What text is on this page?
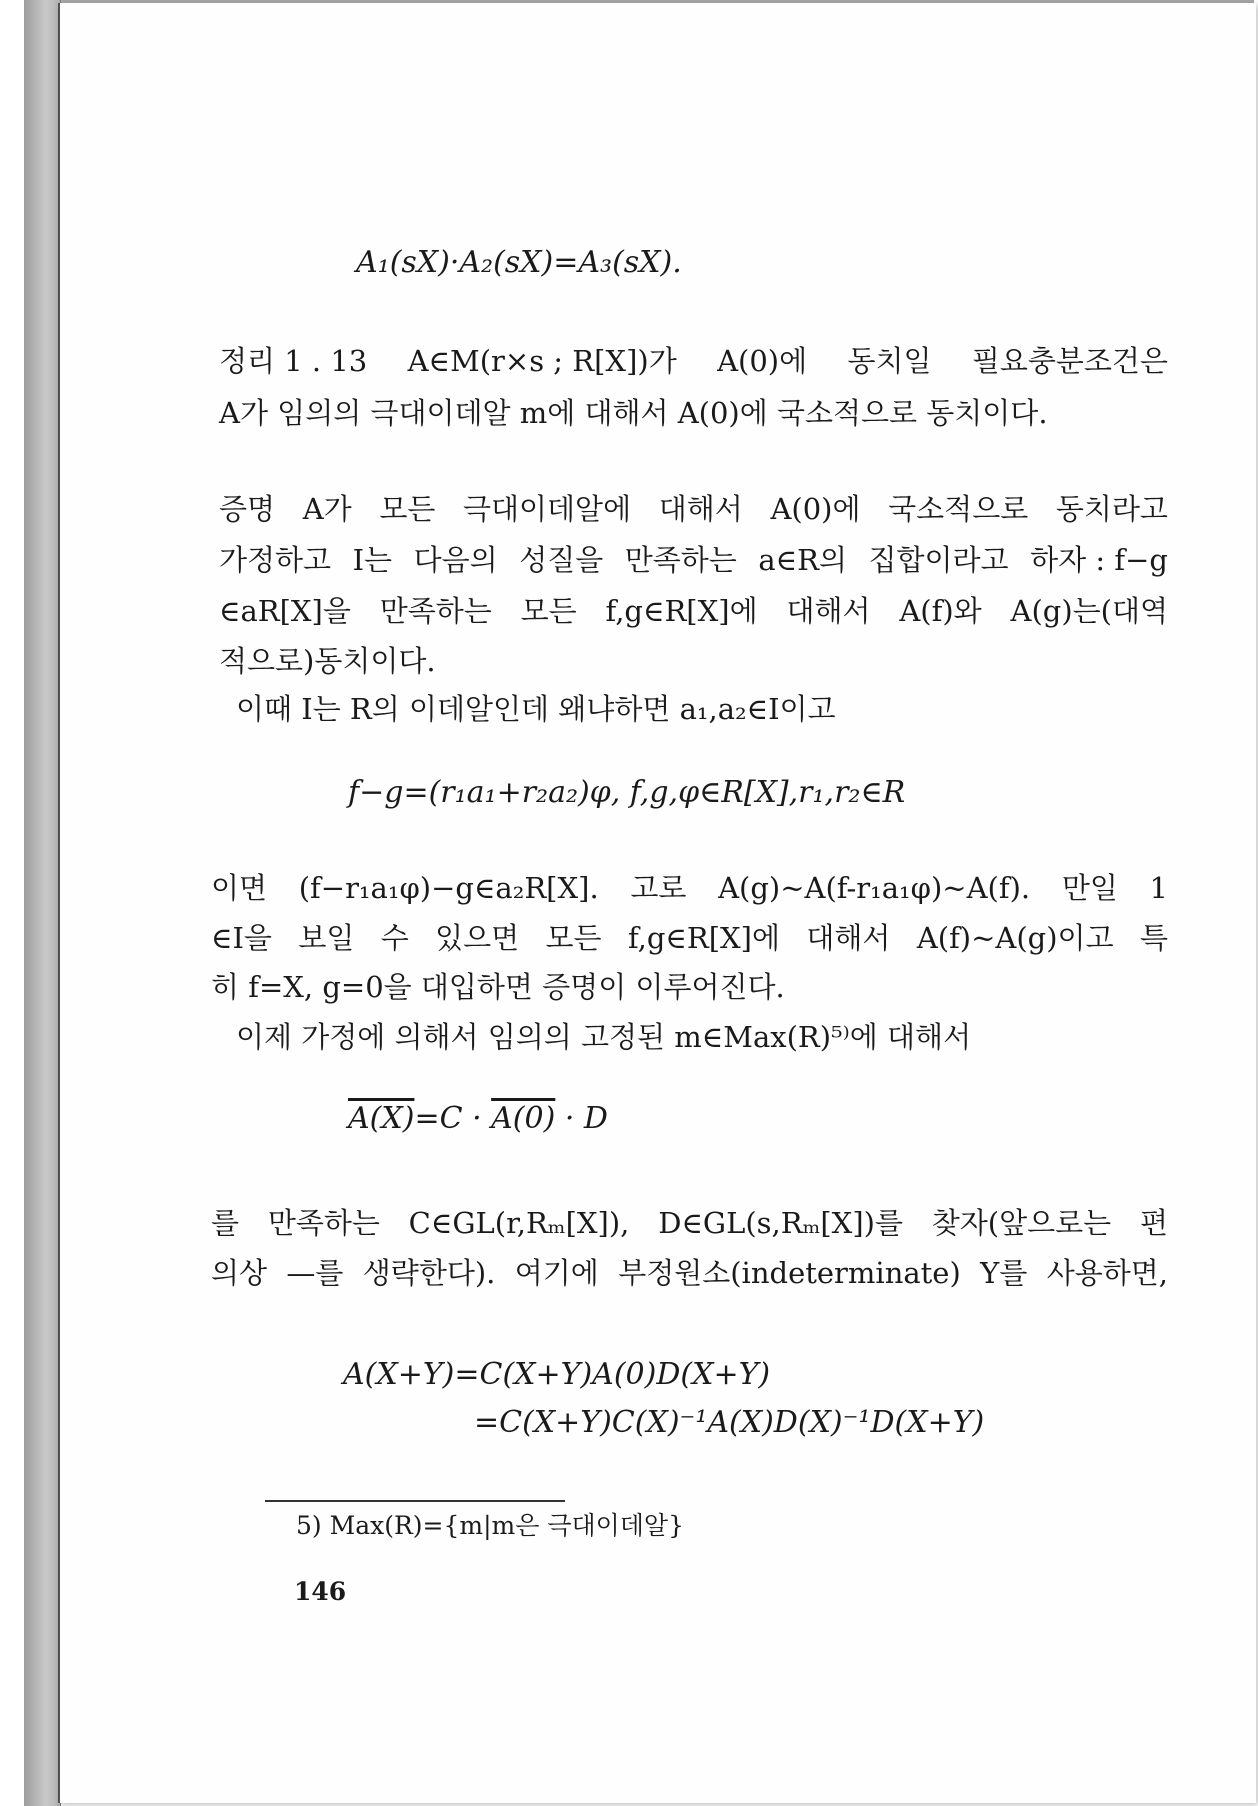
A₁(sX)·A₂(sX)=A₃(sX).
f−g=(r₁a₁+r₂a₂)φ, f,g,φ∈R[X],r₁,r₂∈R
A(X)=C · A(0) · D
A(X+Y)=C(X+Y)A(0)D(X+Y)
=C(X+Y)C(X)⁻¹A(X)D(X)⁻¹D(X+Y)
5) Max(R)={m|m은 극대이데알}
146
정리 1 . 13 A∈M(r×s ; R[X])가 A(0)에 동치일 필요충분조건은
A가 임의의 극대이데알 m에 대해서 A(0)에 국소적으로 동치이다.
증명 A가 모든 극대이데알에 대해서 A(0)에 국소적으로 동치라고
가정하고 I는 다음의 성질을 만족하는 a∈R의 집합이라고 하자 : f−g
∈aR[X]을 만족하는 모든 f,g∈R[X]에 대해서 A(f)와 A(g)는(대역
적으로)동치이다.
이때 I는 R의 이데알인데 왜냐하면 a₁,a₂∈I이고
이면 (f−r₁a₁φ)−g∈a₂R[X]. 고로 A(g)~A(f-r₁a₁φ)~A(f). 만일 1
∈I을 보일 수 있으면 모든 f,g∈R[X]에 대해서 A(f)~A(g)이고 특
히 f=X, g=0을 대입하면 증명이 이루어진다.
이제 가정에 의해서 임의의 고정된 m∈Max(R)⁵⁾에 대해서
를 만족하는 C∈GL(r,Rₘ[X]), D∈GL(s,Rₘ[X])를 찾자(앞으로는 편
의상 —를 생략한다). 여기에 부정원소(indeterminate) Y를 사용하면,
